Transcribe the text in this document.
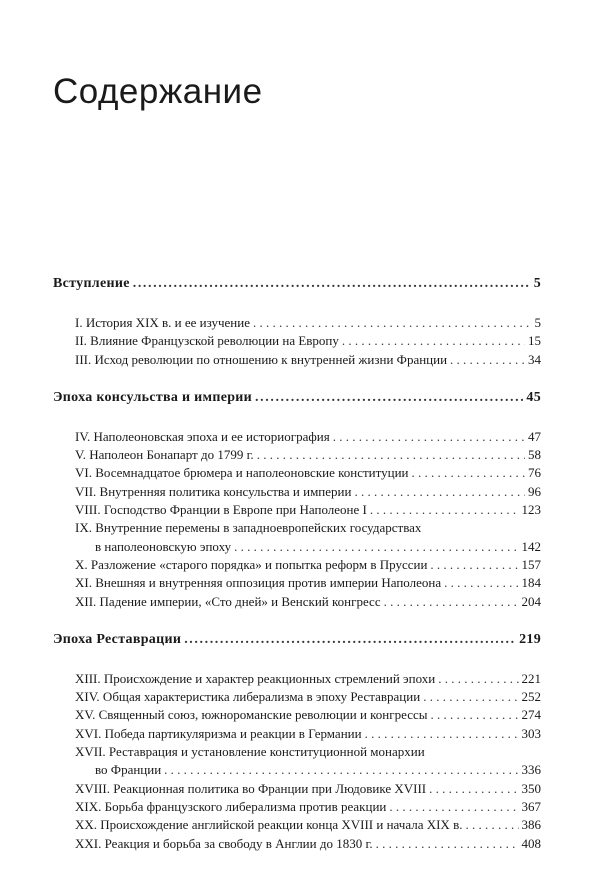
Содержание
Вступление .....	5
I. История XIX в. и ее изучение . . .	5
II. Влияние Французской революции на Европу . . .	15
III. Исход революции по отношению к внутренней жизни Франции . . .	34
Эпоха консульства и империи .....	45
IV. Наполеоновская эпоха и ее историография . . .	47
V. Наполеон Бонапарт до 1799 г. . . .	58
VI. Восемнадцатое брюмера и наполеоновские конституции . . .	76
VII. Внутренняя политика консульства и империи . . .	96
VIII. Господство Франции в Европе при Наполеоне I . . .	123
IX. Внутренние перемены в западноевропейских государствах
в наполеоновскую эпоху . . .	142
X. Разложение «старого порядка» и попытка реформ в Пруссии . . .	157
XI. Внешняя и внутренняя оппозиция против империи Наполеона . . .	184
XII. Падение империи, «Сто дней» и Венский конгресс . . .	204
Эпоха Реставрации .....	219
XIII. Происхождение и характер реакционных стремлений эпохи . . .	221
XIV. Общая характеристика либерализма в эпоху Реставрации . . .	252
XV. Священный союз, южнороманские революции и конгрессы . . .	274
XVI. Победа партикуляризма и реакции в Германии . . .	303
XVII. Реставрация и установление конституционной монархии
во Франции . . .	336
XVIII. Реакционная политика во Франции при Людовике XVIII . . .	350
XIX. Борьба французского либерализма против реакции . . .	367
XX. Происхождение английской реакции конца XVIII и начала XIX в. . . .	386
XXI. Реакция и борьба за свободу в Англии до 1830 г. . . .	408
